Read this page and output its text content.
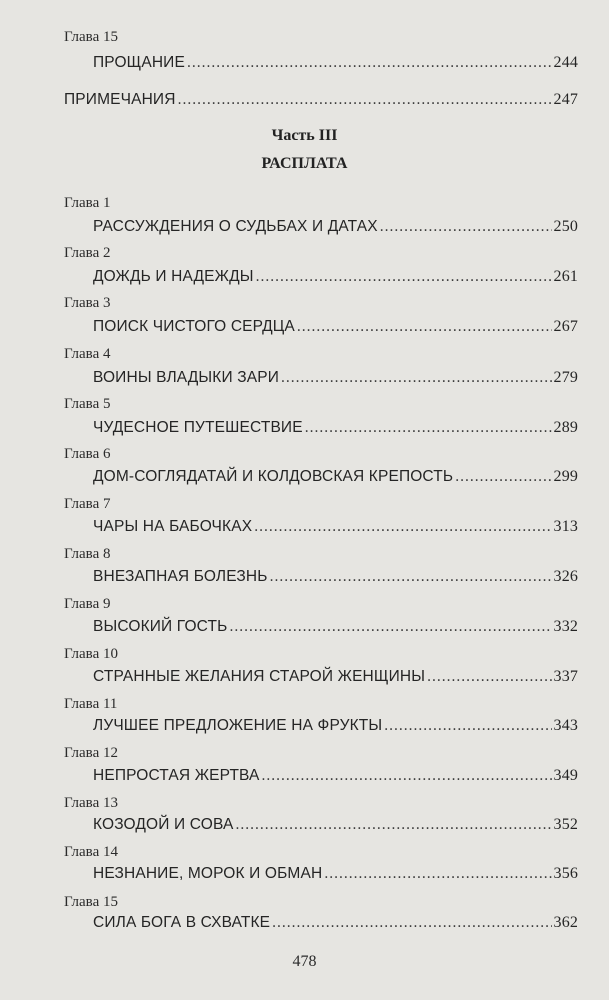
Глава 15
ПРОЩАНИЕ .....	244
ПРИМЕЧАНИЯ .....	247
Часть III
РАСПЛАТА
Глава 1
РАССУЖДЕНИЯ О СУДЬБАХ И ДАТАХ .....	250
Глава 2
ДОЖДЬ И НАДЕЖДЫ .....	261
Глава 3
ПОИСК ЧИСТОГО СЕРДЦА .....	267
Глава 4
ВОИНЫ ВЛАДЫКИ ЗАРИ .....	279
Глава 5
ЧУДЕСНОЕ ПУТЕШЕСТВИЕ .....	289
Глава 6
ДОМ-СОГЛЯДАТАЙ И КОЛДОВСКАЯ КРЕПОСТЬ .....	299
Глава 7
ЧАРЫ НА БАБОЧКАХ .....	313
Глава 8
ВНЕЗАПНАЯ БОЛЕЗНЬ .....	326
Глава 9
ВЫСОКИЙ ГОСТЬ .....	332
Глава 10
СТРАННЫЕ ЖЕЛАНИЯ СТАРОЙ ЖЕНЩИНЫ .....	337
Глава 11
ЛУЧШЕЕ ПРЕДЛОЖЕНИЕ НА ФРУКТЫ .....	343
Глава 12
НЕПРОСТАЯ ЖЕРТВА .....	349
Глава 13
КОЗОДОЙ И СОВА .....	352
Глава 14
НЕЗНАНИЕ, МОРОК И ОБМАН .....	356
Глава 15
СИЛА БОГА В СХВАТКЕ .....	362
478
